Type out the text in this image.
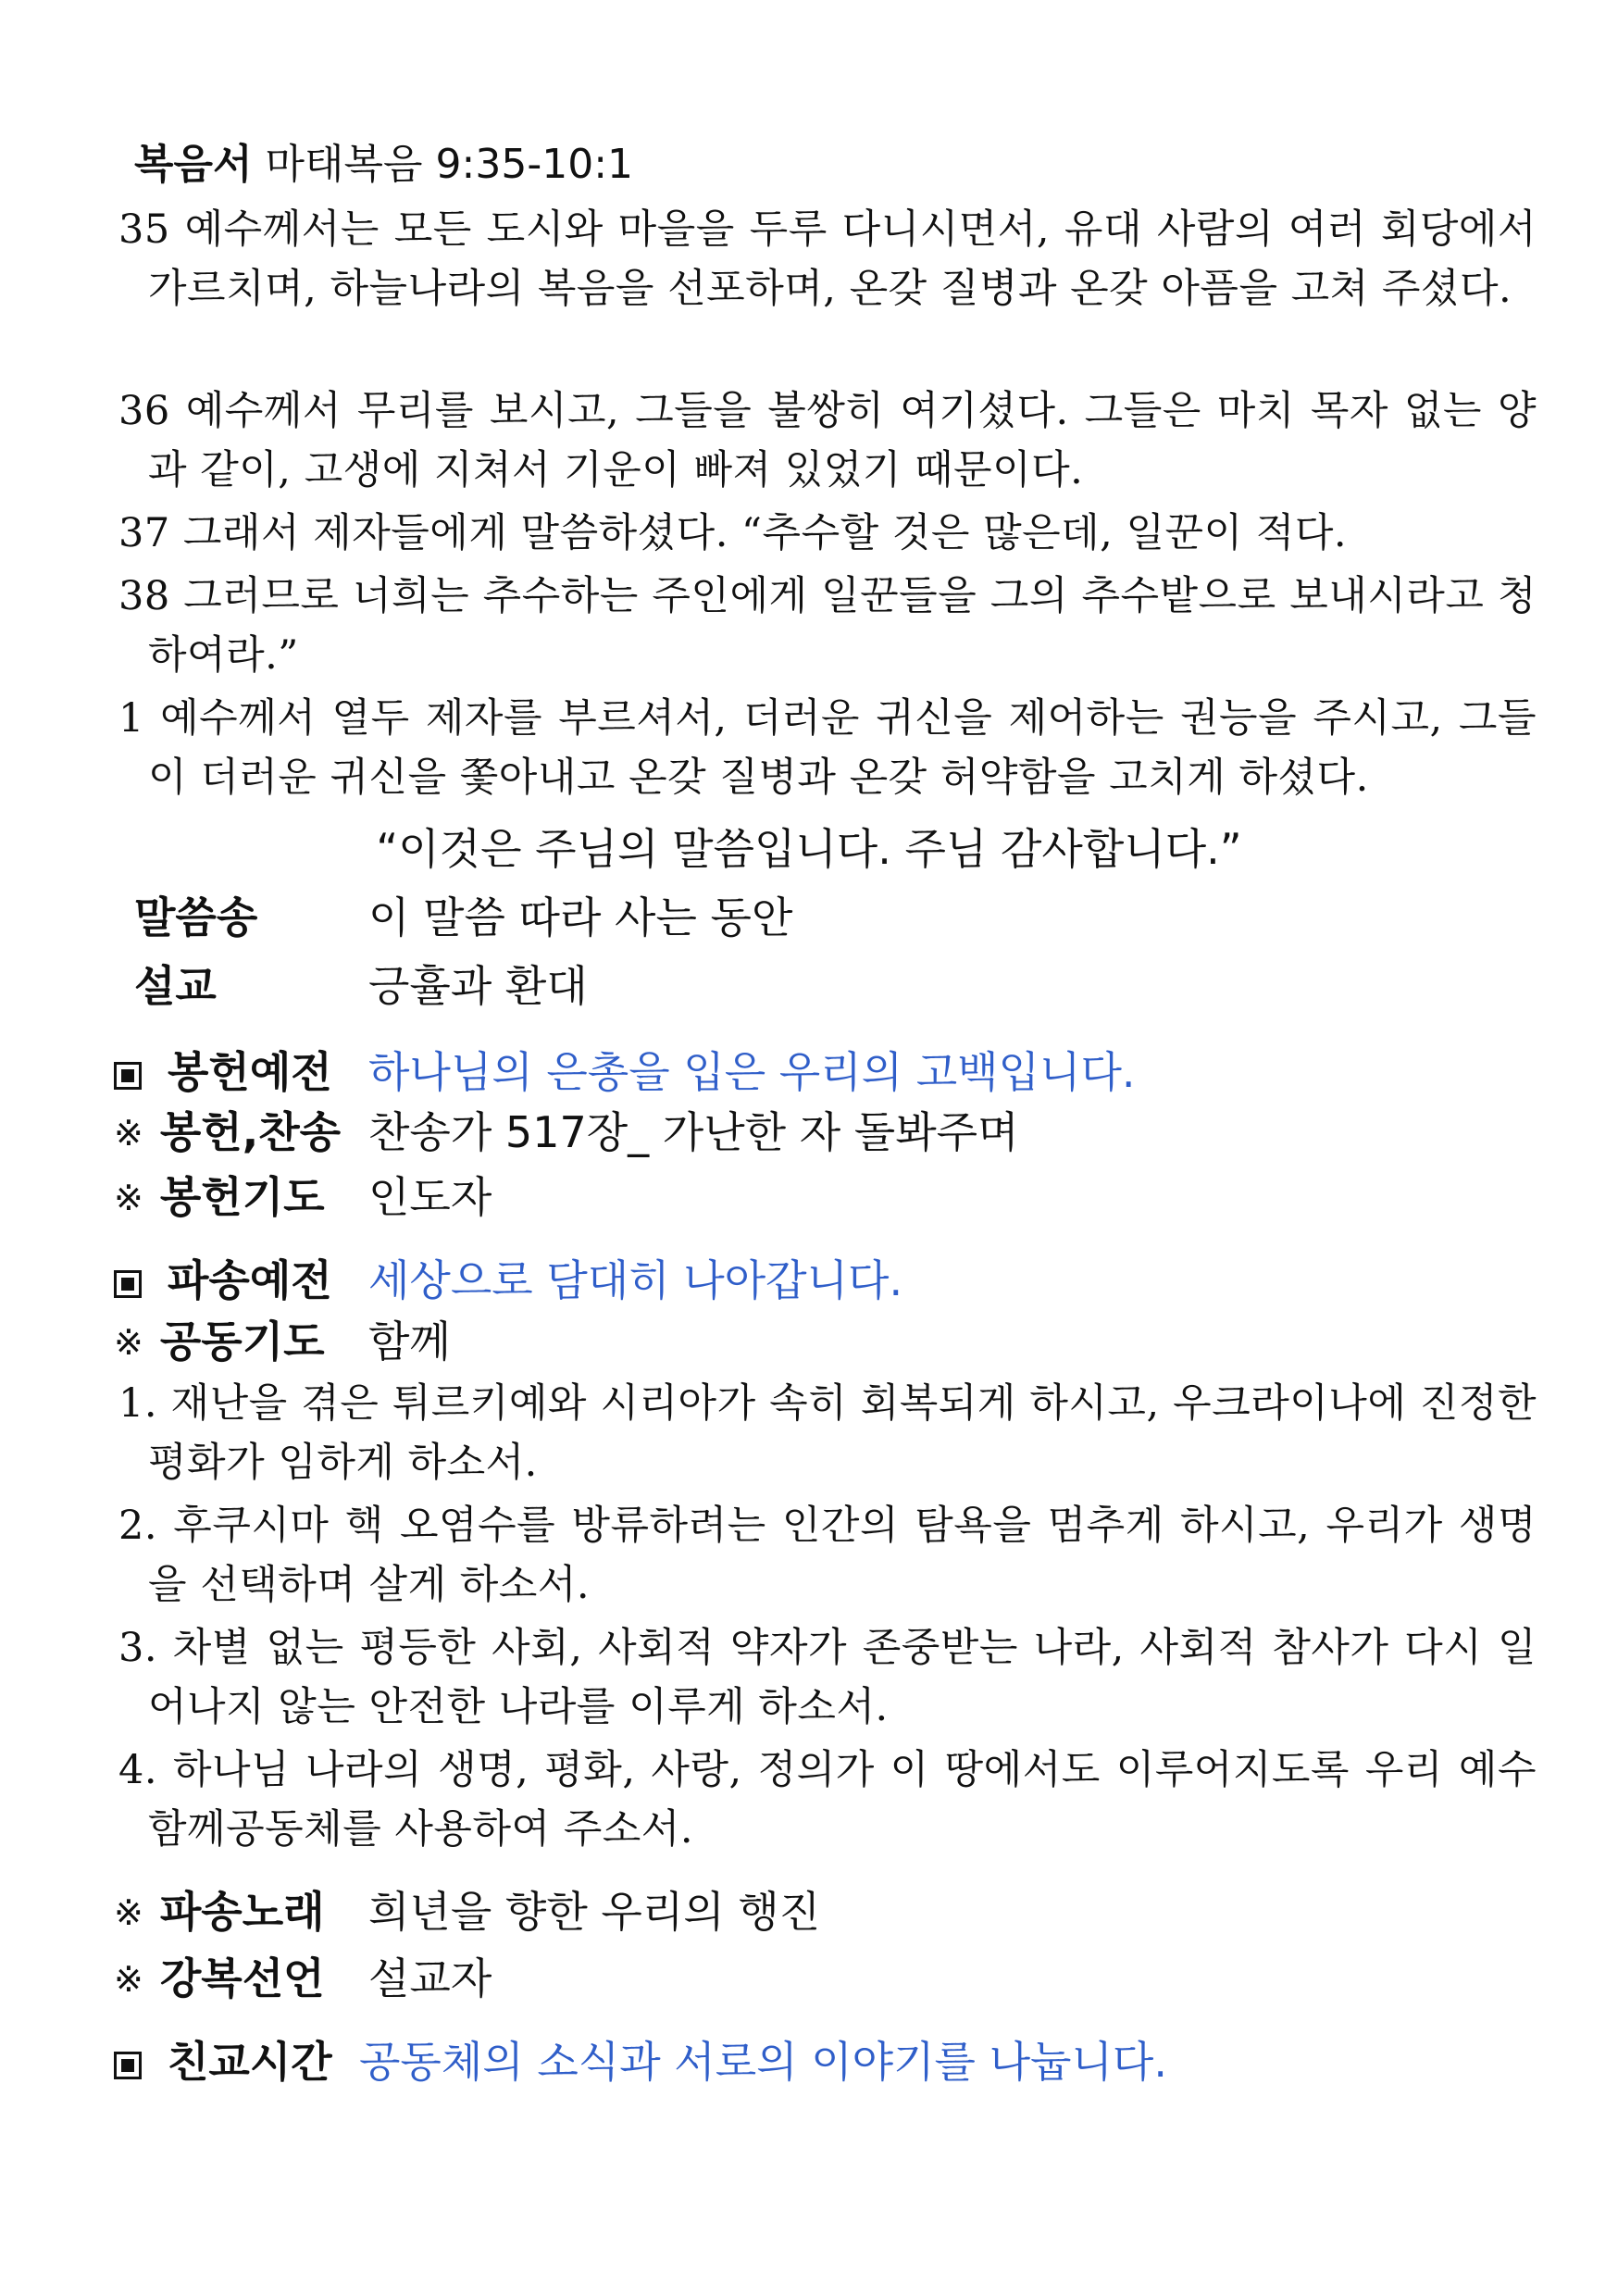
복음서 마태복음 9:35-10:1
35 예수께서는 모든 도시와 마을을 두루 다니시면서, 유대 사람의 여러 회당에서 가르치며, 하늘나라의 복음을 선포하며, 온갖 질병과 온갖 아픔을 고쳐 주셨다.
36 예수께서 무리를 보시고, 그들을 불쌍히 여기셨다. 그들은 마치 목자 없는 양과 같이, 고생에 지쳐서 기운이 빠져 있었기 때문이다.
37 그래서 제자들에게 말씀하셨다. “추수할 것은 많은데, 일꾼이 적다.
38 그러므로 너희는 추수하는 주인에게 일꾼들을 그의 추수밭으로 보내시라고 청하여라.”
1 예수께서 열두 제자를 부르셔서, 더러운 귀신을 제어하는 권능을 주시고, 그들이 더러운 귀신을 쫓아내고 온갖 질병과 온갖 허약함을 고치게 하셨다.
“이것은 주님의 말씀입니다. 주님 감사합니다.”
말씀송	이 말씀 따라 사는 동안
설교	긍휼과 환대
봉헌예전 하나님의 은총을 입은 우리의 고백입니다.
※ 봉헌,찬송 찬송가 517장_ 가난한 자 돌봐주며
※ 봉헌기도 인도자
파송예전 세상으로 담대히 나아갑니다.
※ 공동기도 함께
1. 재난을 겪은 튀르키예와 시리아가 속히 회복되게 하시고, 우크라이나에 진정한 평화가 임하게 하소서.
2. 후쿠시마 핵 오염수를 방류하려는 인간의 탐욕을 멈추게 하시고, 우리가 생명을 선택하며 살게 하소서.
3. 차별 없는 평등한 사회, 사회적 약자가 존중받는 나라, 사회적 참사가 다시 일어나지 않는 안전한 나라를 이루게 하소서.
4. 하나님 나라의 생명, 평화, 사랑, 정의가 이 땅에서도 이루어지도록 우리 예수함께공동체를 사용하여 주소서.
※ 파송노래 희년을 향한 우리의 행진
※ 강복선언 설교자
친교시간 공동체의 소식과 서로의 이야기를 나눕니다.
